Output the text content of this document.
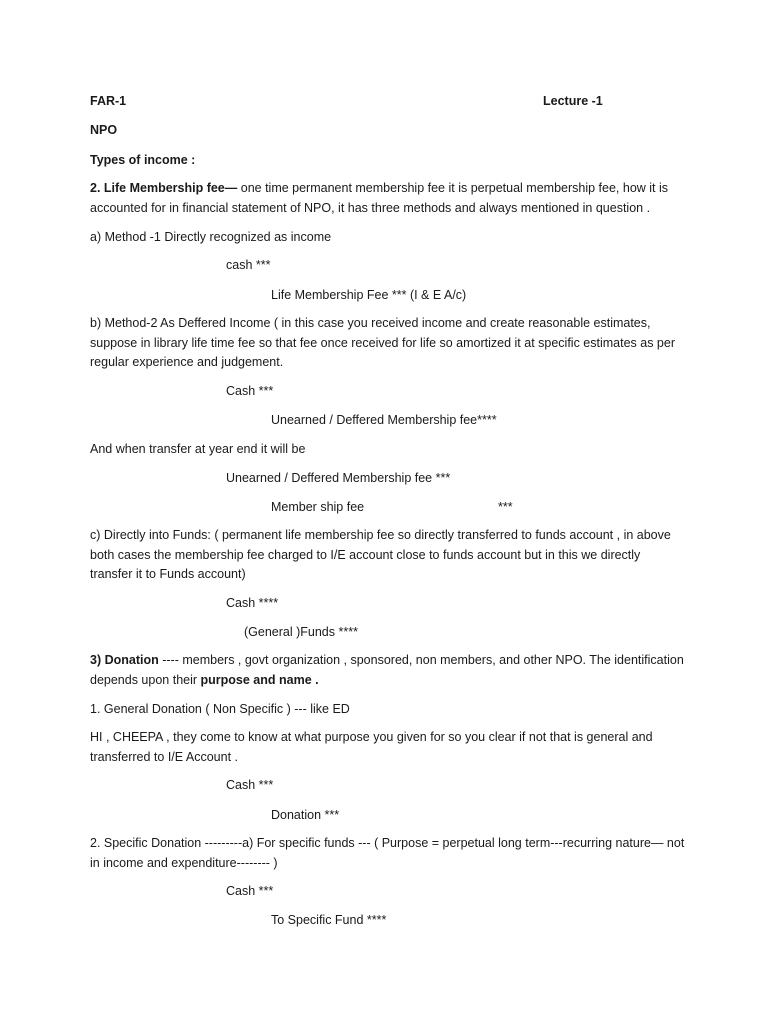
FAR-1	Lecture -1
NPO
Types of income :
2. Life Membership fee— one time permanent membership fee it is perpetual membership fee, how it is accounted for in financial statement of NPO, it has three methods and always mentioned in question .
a) Method -1 Directly recognized as income
cash ***
Life Membership Fee *** (I & E A/c)
b) Method-2 As Deffered Income ( in this case you received income and create reasonable estimates, suppose in library life time fee so that fee once received for life so amortized it at specific estimates as per regular experience and judgement.
Cash ***
Unearned / Deffered Membership fee****
And when transfer at year end it will be
Unearned / Deffered Membership fee ***
Member ship fee	***
c) Directly into Funds: ( permanent life membership fee so directly transferred to funds account , in above both cases the membership fee charged to I/E account close to funds account but in this we directly transfer it to Funds account)
Cash ****
(General )Funds ****
3) Donation ---- members , govt organization , sponsored, non members, and other NPO. The identification depends upon their purpose and name .
1. General Donation ( Non Specific ) --- like ED
HI , CHEEPA , they come to know at what purpose you given for so you clear if not that is general and transferred to I/E Account .
Cash ***
Donation ***
2. Specific Donation ---------a) For specific funds --- ( Purpose = perpetual long term---recurring nature— not in income and expenditure-------- )
Cash ***
To Specific Fund ****
